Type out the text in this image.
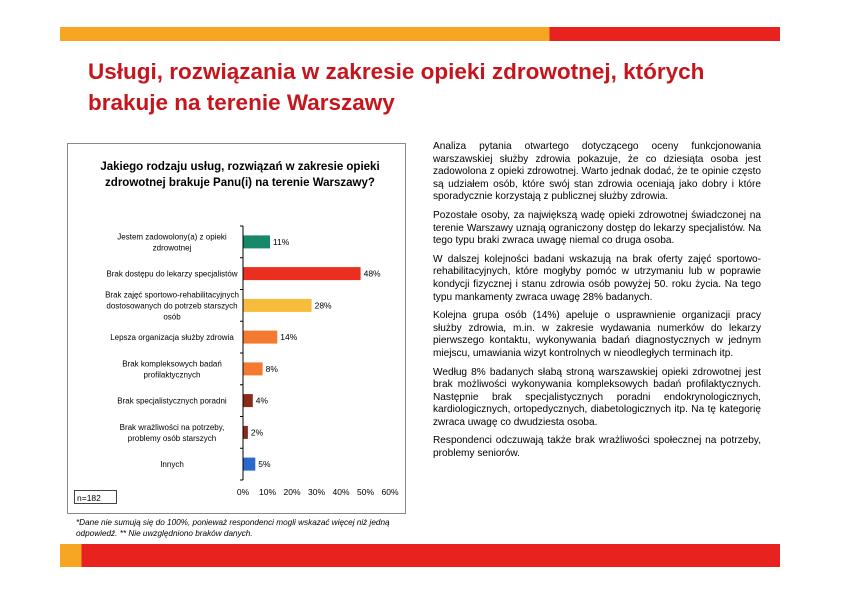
Usługi, rozwiązania w zakresie opieki zdrowotnej, których brakuje na terenie Warszawy

Jakiego rodzaju usług, rozwiązań w zakresie opieki zdrowotnej brakuje Panu(i) na terenie Warszawy?

11%
Jestem zadowolony(a) z opieki
zdrowotnej
48%
Brak dostępu do lekarzy specjalistów
28%
Brak zajęć sportowo-rehabilitacyjnych
dostosowanych do potrzeb starszych
osób
14%
Lepsza organizacja służby zdrowia
8%
Brak kompleksowych badań
profilaktycznych
4%
Brak specjalistycznych poradni
2%
Brak wrażliwości na potrzeby,
problemy osób starszych
5%
Innych
0% 10% 20% 30% 40% 50% 60%
n=182

*Dane nie sumują się do 100%, ponieważ respondenci mogli wskazać więcej niż jedną odpowiedź. ** Nie uwzględniono braków danych.

Analiza pytania otwartego dotyczącego oceny funkcjonowania warszawskiej służby zdrowia pokazuje, że co dziesiąta osoba jest zadowolona z opieki zdrowotnej. Warto jednak dodać, że te opinie często są udziałem osób, które swój stan zdrowia oceniają jako dobry i które sporadycznie korzystają z publicznej służby zdrowia.

Pozostałe osoby, za największą wadę opieki zdrowotnej świadczonej na terenie Warszawy uznają ograniczony dostęp do lekarzy specjalistów. Na tego typu braki zwraca uwagę niemal co druga osoba.

W dalszej kolejności badani wskazują na brak oferty zajęć sportowo-rehabilitacyjnych, które mogłyby pomóc w utrzymaniu lub w poprawie kondycji fizycznej i stanu zdrowia osób powyżej 50. roku życia. Na tego typu mankamenty zwraca uwagę 28% badanych.

Kolejna grupa osób (14%) apeluje o usprawnienie organizacji pracy służby zdrowia, m.in. w zakresie wydawania numerków do lekarzy pierwszego kontaktu, wykonywania badań diagnostycznych w jednym miejscu, umawiania wizyt kontrolnych w nieodległych terminach itp.

Według 8% badanych słabą stroną warszawskiej opieki zdrowotnej jest brak możliwości wykonywania kompleksowych badań profilaktycznych. Następnie brak specjalistycznych poradni endokrynologicznych, kardiologicznych, ortopedycznych, diabetologicznych itp. Na tę kategorię zwraca uwagę co dwudziesta osoba.

Respondenci odczuwają także brak wrażliwości społecznej na potrzeby, problemy seniorów.
